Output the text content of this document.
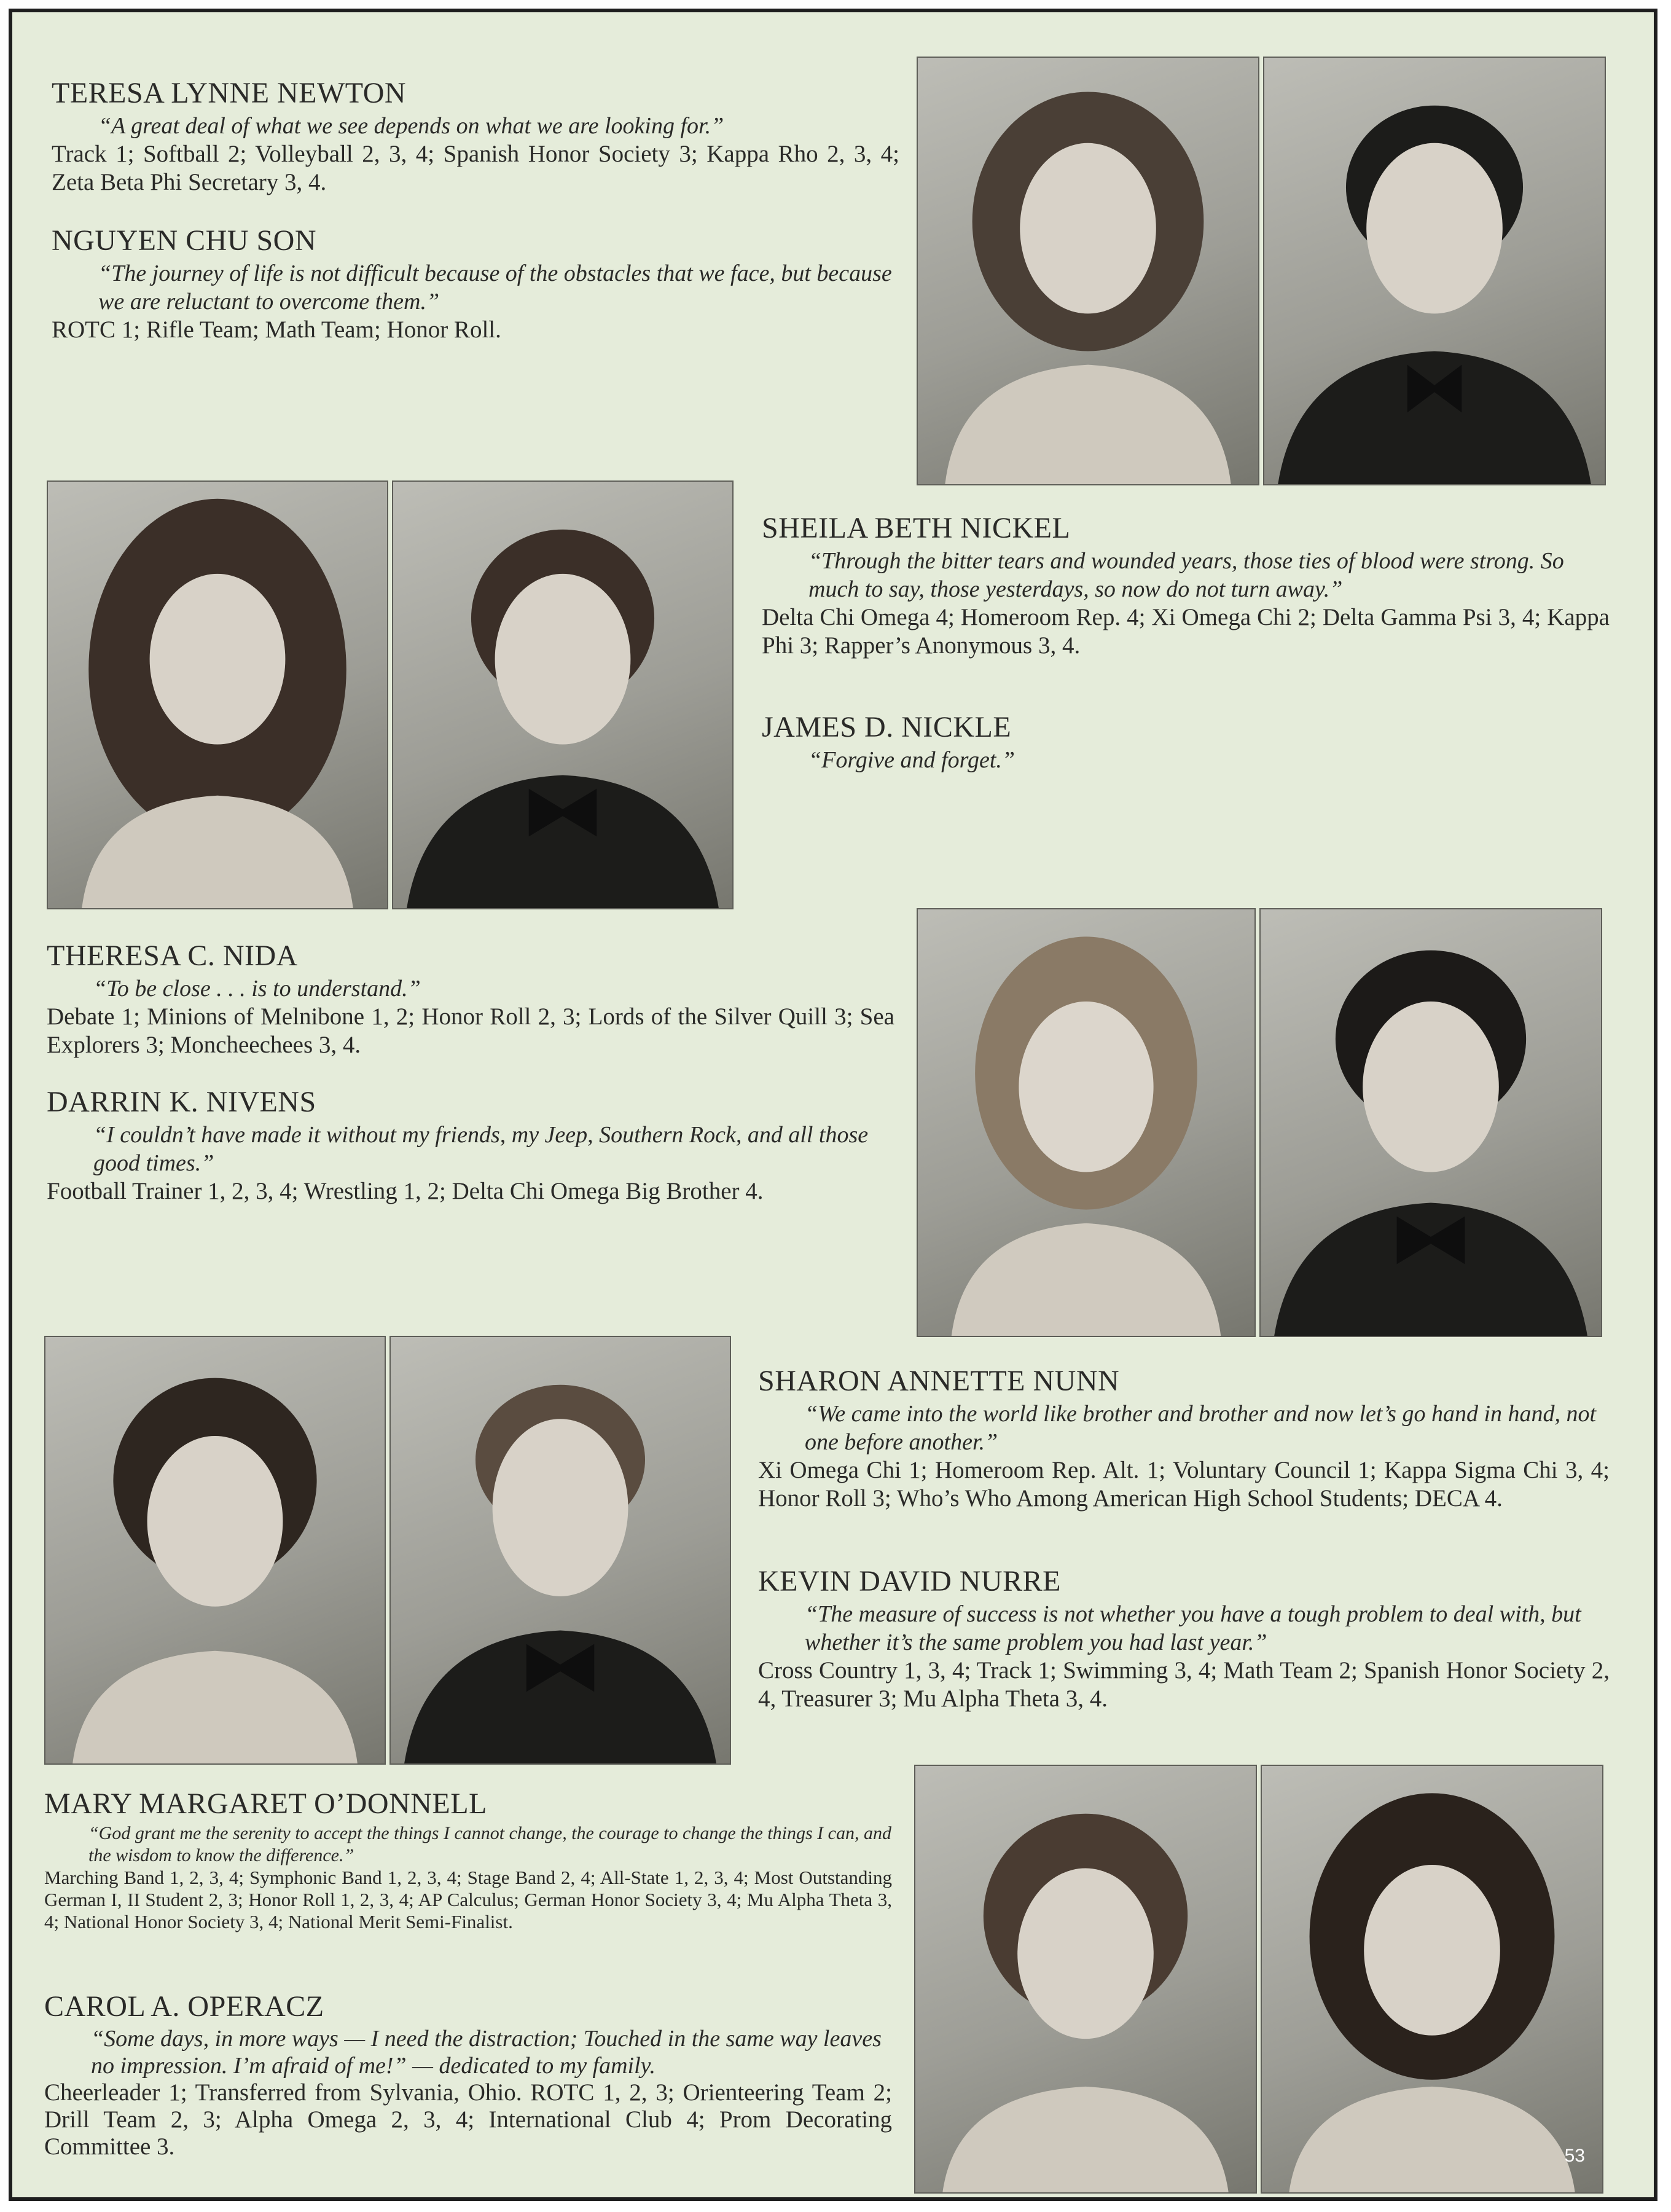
TERESA LYNNE NEWTON

“A great deal of what we see depends on what we are looking for.”

Track 1; Softball 2; Volleyball 2, 3, 4; Spanish Honor Society 3; Kappa Rho 2, 3, 4; Zeta Beta Phi Secretary 3, 4.

NGUYEN CHU SON

“The journey of life is not difficult because of the obstacles that we face, but because we are reluctant to overcome them.”

ROTC 1; Rifle Team; Math Team; Honor Roll.

SHEILA BETH NICKEL

“Through the bitter tears and wounded years, those ties of blood were strong. So much to say, those yesterdays, so now do not turn away.”

Delta Chi Omega 4; Homeroom Rep. 4; Xi Omega Chi 2; Delta Gamma Psi 3, 4; Kappa Phi 3; Rapper’s Anonymous 3, 4.

JAMES D. NICKLE

“Forgive and forget.”

THERESA C. NIDA

“To be close . . . is to understand.”

Debate 1; Minions of Melnibone 1, 2; Honor Roll 2, 3; Lords of the Silver Quill 3; Sea Explorers 3; Moncheechees 3, 4.

DARRIN K. NIVENS

“I couldn’t have made it without my friends, my Jeep, Southern Rock, and all those good times.”

Football Trainer 1, 2, 3, 4; Wrestling 1, 2; Delta Chi Omega Big Brother 4.

SHARON ANNETTE NUNN

“We came into the world like brother and brother and now let’s go hand in hand, not one before another.”

Xi Omega Chi 1; Homeroom Rep. Alt. 1; Voluntary Council 1; Kappa Sigma Chi 3, 4; Honor Roll 3; Who’s Who Among American High School Students; DECA 4.

KEVIN DAVID NURRE

“The measure of success is not whether you have a tough problem to deal with, but whether it’s the same problem you had last year.”

Cross Country 1, 3, 4; Track 1; Swimming 3, 4; Math Team 2; Spanish Honor Society 2, 4, Treasurer 3; Mu Alpha Theta 3, 4.

MARY MARGARET O’DONNELL

“God grant me the serenity to accept the things I cannot change, the courage to change the things I can, and the wisdom to know the difference.”

Marching Band 1, 2, 3, 4; Symphonic Band 1, 2, 3, 4; Stage Band 2, 4; All-State 1, 2, 3, 4; Most Outstanding German I, II Student 2, 3; Honor Roll 1, 2, 3, 4; AP Calculus; German Honor Society 3, 4; Mu Alpha Theta 3, 4; National Honor Society 3, 4; National Merit Semi-Finalist.

CAROL A. OPERACZ

“Some days, in more ways — I need the distraction; Touched in the same way leaves no impression. I’m afraid of me!” — dedicated to my family.

Cheerleader 1; Transferred from Sylvania, Ohio. ROTC 1, 2, 3; Orienteering Team 2; Drill Team 2, 3; Alpha Omega 2, 3, 4; International Club 4; Prom Decorating Committee 3.	53
